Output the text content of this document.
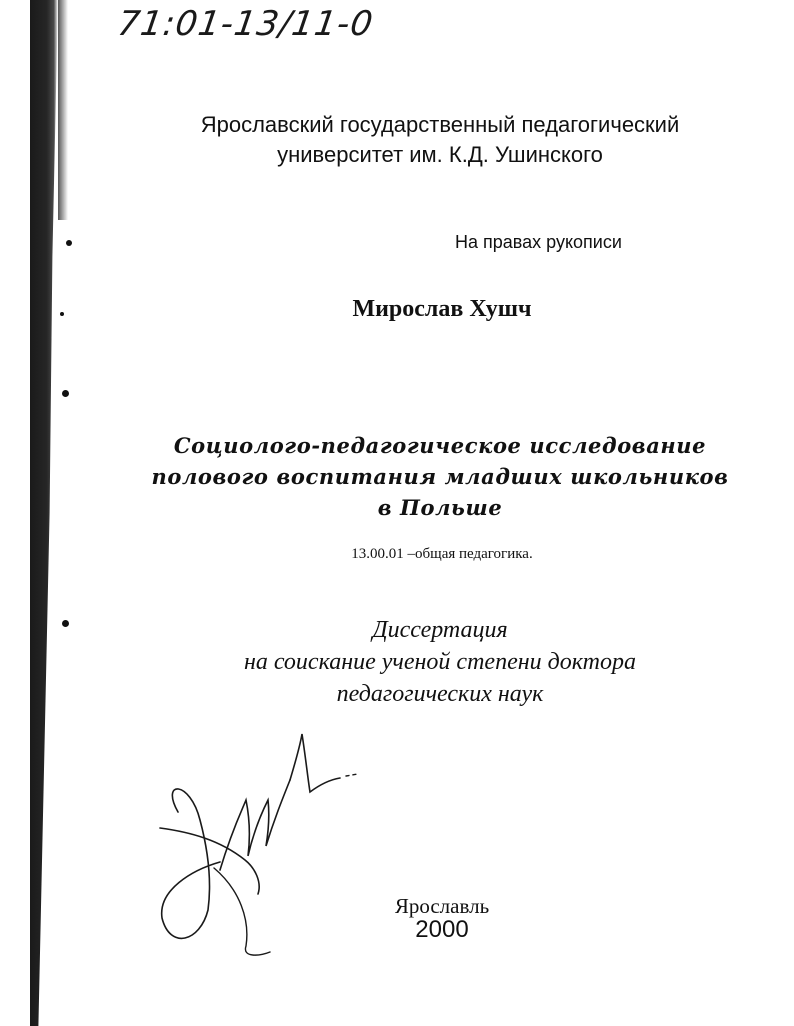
71:01-13/11-0
Ярославский государственный педагогический
университет им. К.Д. Ушинского
На правах рукописи
Мирослав Хушч
Социолого-педагогическое исследование
полового воспитания младших школьников
в Польше
13.00.01 –общая педагогика.
Диссертация
на соискание ученой степени доктора
педагогических наук
Ярославль
2000
